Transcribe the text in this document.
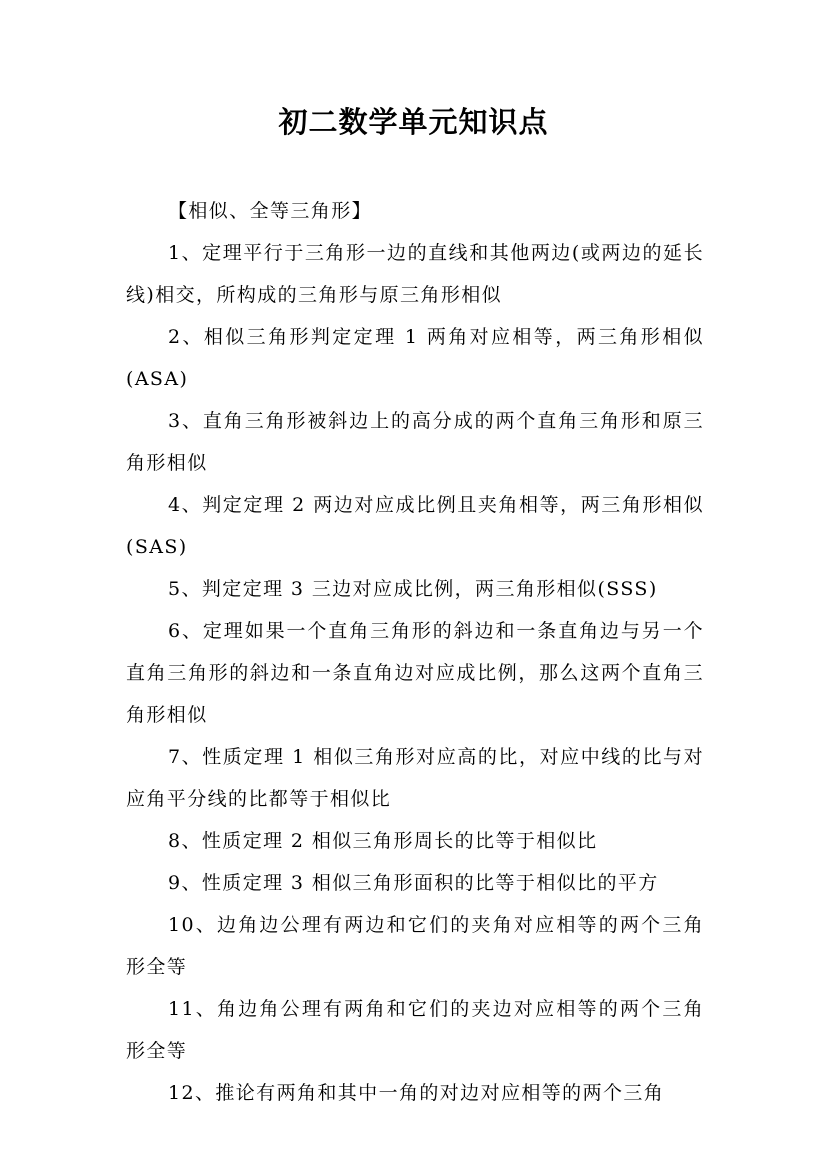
初二数学单元知识点

【相似、全等三角形】

1、定理平行于三角形一边的直线和其他两边(或两边的延长线)相交，所构成的三角形与原三角形相似

2、相似三角形判定定理 1 两角对应相等，两三角形相似(ASA)

3、直角三角形被斜边上的高分成的两个直角三角形和原三角形相似

4、判定定理 2 两边对应成比例且夹角相等，两三角形相似(SAS)

5、判定定理 3 三边对应成比例，两三角形相似(SSS)

6、定理如果一个直角三角形的斜边和一条直角边与另一个直角三角形的斜边和一条直角边对应成比例，那么这两个直角三角形相似

7、性质定理 1 相似三角形对应高的比，对应中线的比与对应角平分线的比都等于相似比

8、性质定理 2 相似三角形周长的比等于相似比

9、性质定理 3 相似三角形面积的比等于相似比的平方

10、边角边公理有两边和它们的夹角对应相等的两个三角形全等

11、角边角公理有两角和它们的夹边对应相等的两个三角形全等

12、推论有两角和其中一角的对边对应相等的两个三角
